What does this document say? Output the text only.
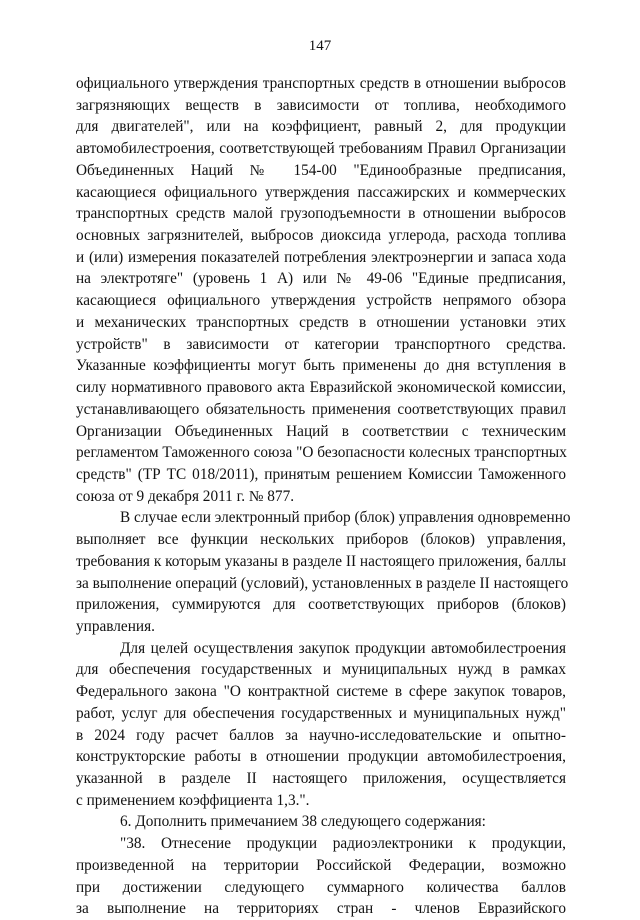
147
официального утверждения транспортных средств в отношении выбросов
загрязняющих веществ в зависимости от топлива, необходимого
для двигателей", или на коэффициент, равный 2, для продукции
автомобилестроения, соответствующей требованиям Правил Организации
Объединенных Наций № 154-00 "Единообразные предписания,
касающиеся официального утверждения пассажирских и коммерческих
транспортных средств малой грузоподъемности в отношении выбросов
основных загрязнителей, выбросов диоксида углерода, расхода топлива
и (или) измерения показателей потребления электроэнергии и запаса хода
на электротяге" (уровень 1 А) или № 49-06 "Единые предписания,
касающиеся официального утверждения устройств непрямого обзора
и механических транспортных средств в отношении установки этих
устройств" в зависимости от категории транспортного средства.
Указанные коэффициенты могут быть применены до дня вступления в
силу нормативного правового акта Евразийской экономической комиссии,
устанавливающего обязательность применения соответствующих правил
Организации Объединенных Наций в соответствии с техническим
регламентом Таможенного союза "О безопасности колесных транспортных
средств" (ТР ТС 018/2011), принятым решением Комиссии Таможенного
союза от 9 декабря 2011 г. № 877.
В случае если электронный прибор (блок) управления одновременно
выполняет все функции нескольких приборов (блоков) управления,
требования к которым указаны в разделе II настоящего приложения, баллы
за выполнение операций (условий), установленных в разделе II настоящего
приложения, суммируются для соответствующих приборов (блоков)
управления.
Для целей осуществления закупок продукции автомобилестроения
для обеспечения государственных и муниципальных нужд в рамках
Федерального закона "О контрактной системе в сфере закупок товаров,
работ, услуг для обеспечения государственных и муниципальных нужд"
в 2024 году расчет баллов за научно-исследовательские и опытно-
конструкторские работы в отношении продукции автомобилестроения,
указанной в разделе II настоящего приложения, осуществляется
с применением коэффициента 1,3.".
6. Дополнить примечанием 38 следующего содержания:
"38. Отнесение продукции радиоэлектроники к продукции,
произведенной на территории Российской Федерации, возможно
при достижении следующего суммарного количества баллов
за выполнение на территориях стран - членов Евразийского
